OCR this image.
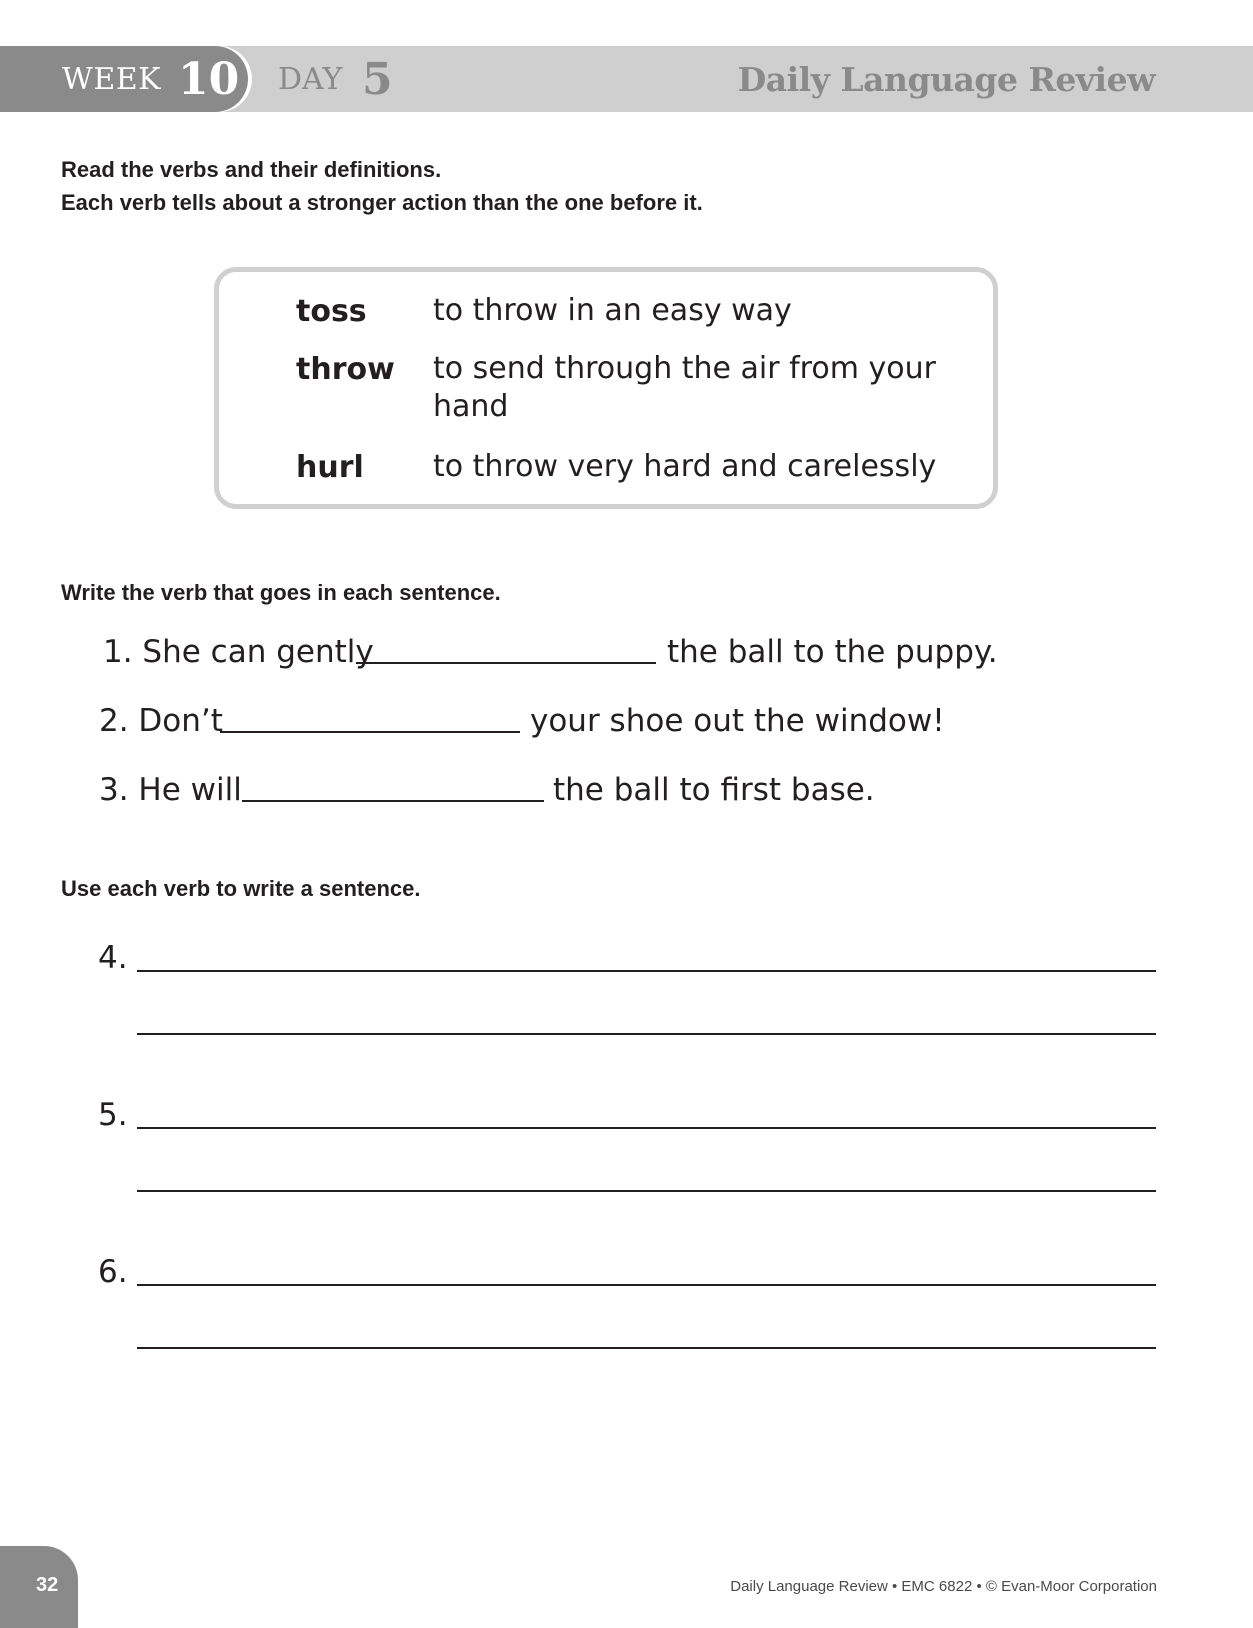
WEEK 10 DAY 5	Daily Language Review
Read the verbs and their definitions.
Each verb tells about a stronger action than the one before it.
toss to throw in an easy way
throw to send through the air from your hand
hurl to throw very hard and carelessly
Write the verb that goes in each sentence.
1. She can gently	the ball to the puppy.
2. Don’t	your shoe out the window!
3. He will	the ball to first base.
Use each verb to write a sentence.
4.
5.
6.
32	Daily Language Review • EMC 6822 • © Evan-Moor Corporation
